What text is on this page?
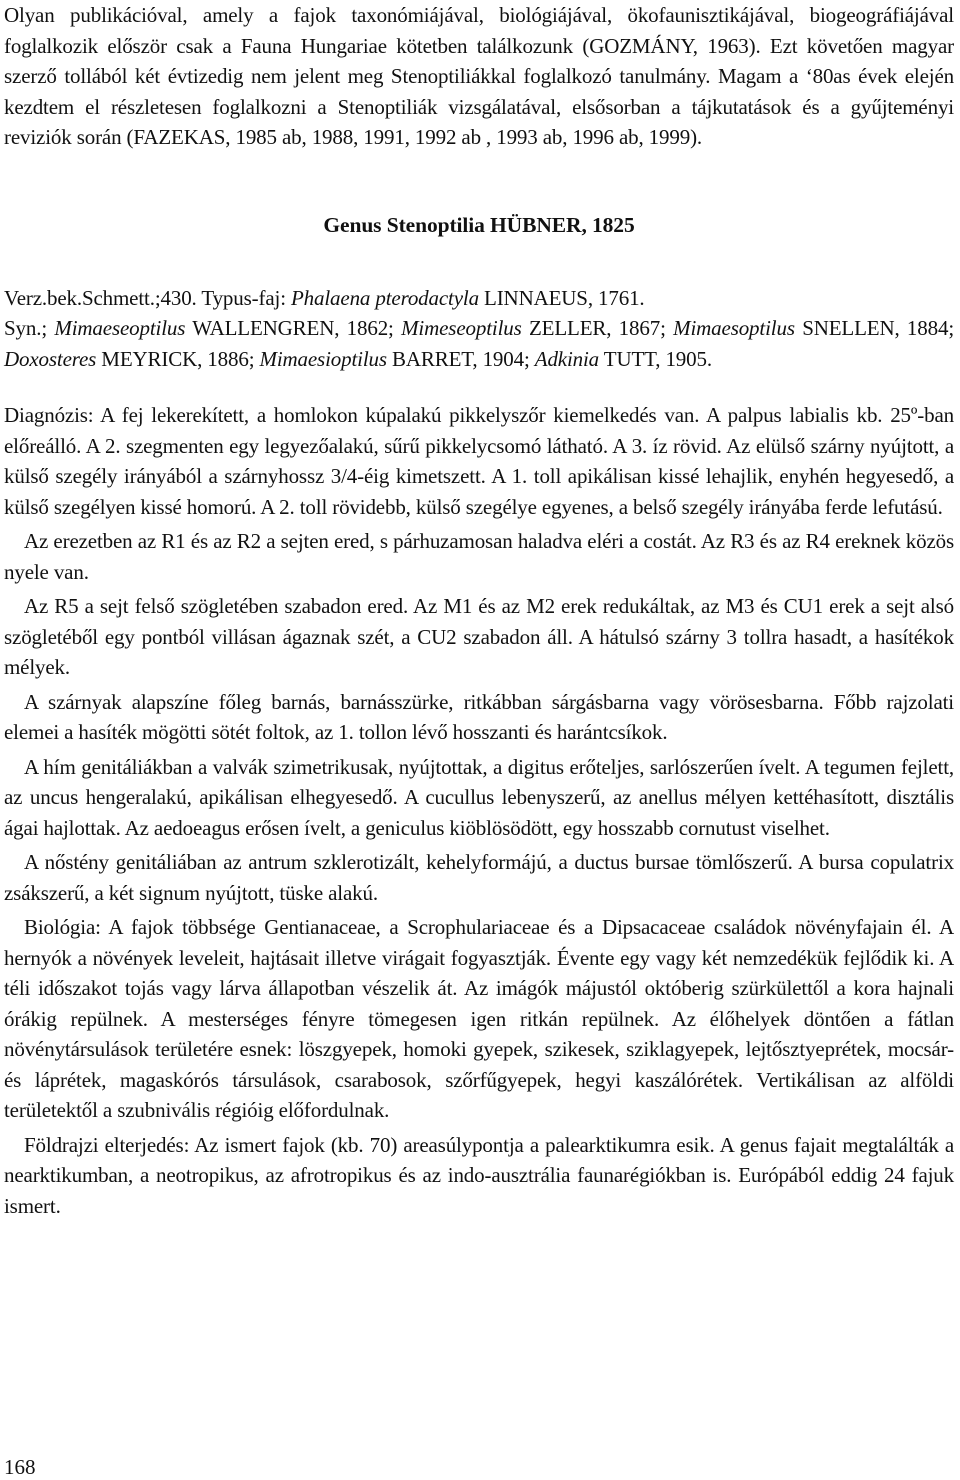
Olyan publikációval, amely a fajok taxonómiájával, biológiájával, ökofaunisztikájával, biogeográfiájával foglalkozik először csak a Fauna Hungariae kötetben találkozunk (GOZMÁNY, 1963). Ezt követően magyar szerző tollából két évtizedig nem jelent meg Stenoptiliákkal foglalkozó tanulmány. Magam a ‘80as évek elején kezdtem el részletesen foglalkozni a Stenoptiliák vizsgálatával, elsősorban a tájkutatások és a gyűjteményi reviziók során (FAZEKAS, 1985 ab, 1988, 1991, 1992 ab , 1993 ab, 1996 ab, 1999).

Genus Stenoptilia HÜBNER, 1825

Verz.bek.Schmett.;430. Typus-faj: Phalaena pterodactyla LINNAEUS, 1761.

Syn.; Mimaeseoptilus WALLENGREN, 1862; Mimeseoptilus ZELLER, 1867; Mimaesoptilus SNELLEN, 1884; Doxosteres MEYRICK, 1886; Mimaesioptilus BARRET, 1904; Adkinia TUTT, 1905.

Diagnózis: A fej lekerekített, a homlokon kúpalakú pikkelyszőr kiemelkedés van. A palpus labialis kb. 25º-ban előreálló. A 2. szegmenten egy legyezőalakú, sűrű pikkelycsomó látható. A 3. íz rövid. Az elülső szárny nyújtott, a külső szegély irányából a szárnyhossz 3/4-éig kimetszett. A 1. toll apikálisan kissé lehajlik, enyhén hegyesedő, a külső szegélyen kissé homorú. A 2. toll rövidebb, külső szegélye egyenes, a belső szegély irányába ferde lefutású.

Az erezetben az R1 és az R2 a sejten ered, s párhuzamosan haladva eléri a costát. Az R3 és az R4 ereknek közös nyele van.

Az R5 a sejt felső szögletében szabadon ered. Az M1 és az M2 erek redukáltak, az M3 és CU1 erek a sejt alsó szögletéből egy pontból villásan ágaznak szét, a CU2 szabadon áll. A hátulsó szárny 3 tollra hasadt, a hasítékok mélyek.

A szárnyak alapszíne főleg barnás, barnásszürke, ritkábban sárgásbarna vagy vörösesbarna. Főbb rajzolati elemei a hasíték mögötti sötét foltok, az 1. tollon lévő hosszanti és harántcsíkok.

A hím genitáliákban a valvák szimetrikusak, nyújtottak, a digitus erőteljes, sarlószerűen ívelt. A tegumen fejlett, az uncus hengeralakú, apikálisan elhegyesedő. A cucullus lebenyszerű, az anellus mélyen kettéhasított, disztális ágai hajlottak. Az aedoeagus erősen ívelt, a geniculus kiöblösödött, egy hosszabb cornutust viselhet.

A nőstény genitáliában az antrum szklerotizált, kehelyformájú, a ductus bursae tömlőszerű. A bursa copulatrix zsákszerű, a két signum nyújtott, tüske alakú.

Biológia: A fajok többsége Gentianaceae, a Scrophulariaceae és a Dipsacaceae családok növényfajain él. A hernyók a növények leveleit, hajtásait illetve virágait fogyasztják. Évente egy vagy két nemzedékük fejlődik ki. A téli időszakot tojás vagy lárva állapotban vészelik át. Az imágók májustól októberig szürkülettől a kora hajnali órákig repülnek. A mesterséges fényre tömegesen igen ritkán repülnek. Az élőhelyek döntően a fátlan növénytársulások területére esnek: löszgyepek, homoki gyepek, szikesek, sziklagyepek, lejtősztyeprétek, mocsár- és láprétek, magaskórós társulások, csarabosok, szőrfűgyepek, hegyi kaszálórétek. Vertikálisan az alföldi területektől a szubnivális régióig előfordulnak.

Földrajzi elterjedés: Az ismert fajok (kb. 70) areasúlypontja a palearktikumra esik. A genus fajait megtalálták a nearktikumban, a neotropikus, az afrotropikus és az indo-ausztrália faunarégiókban is. Európából eddig 24 fajuk ismert.

168
